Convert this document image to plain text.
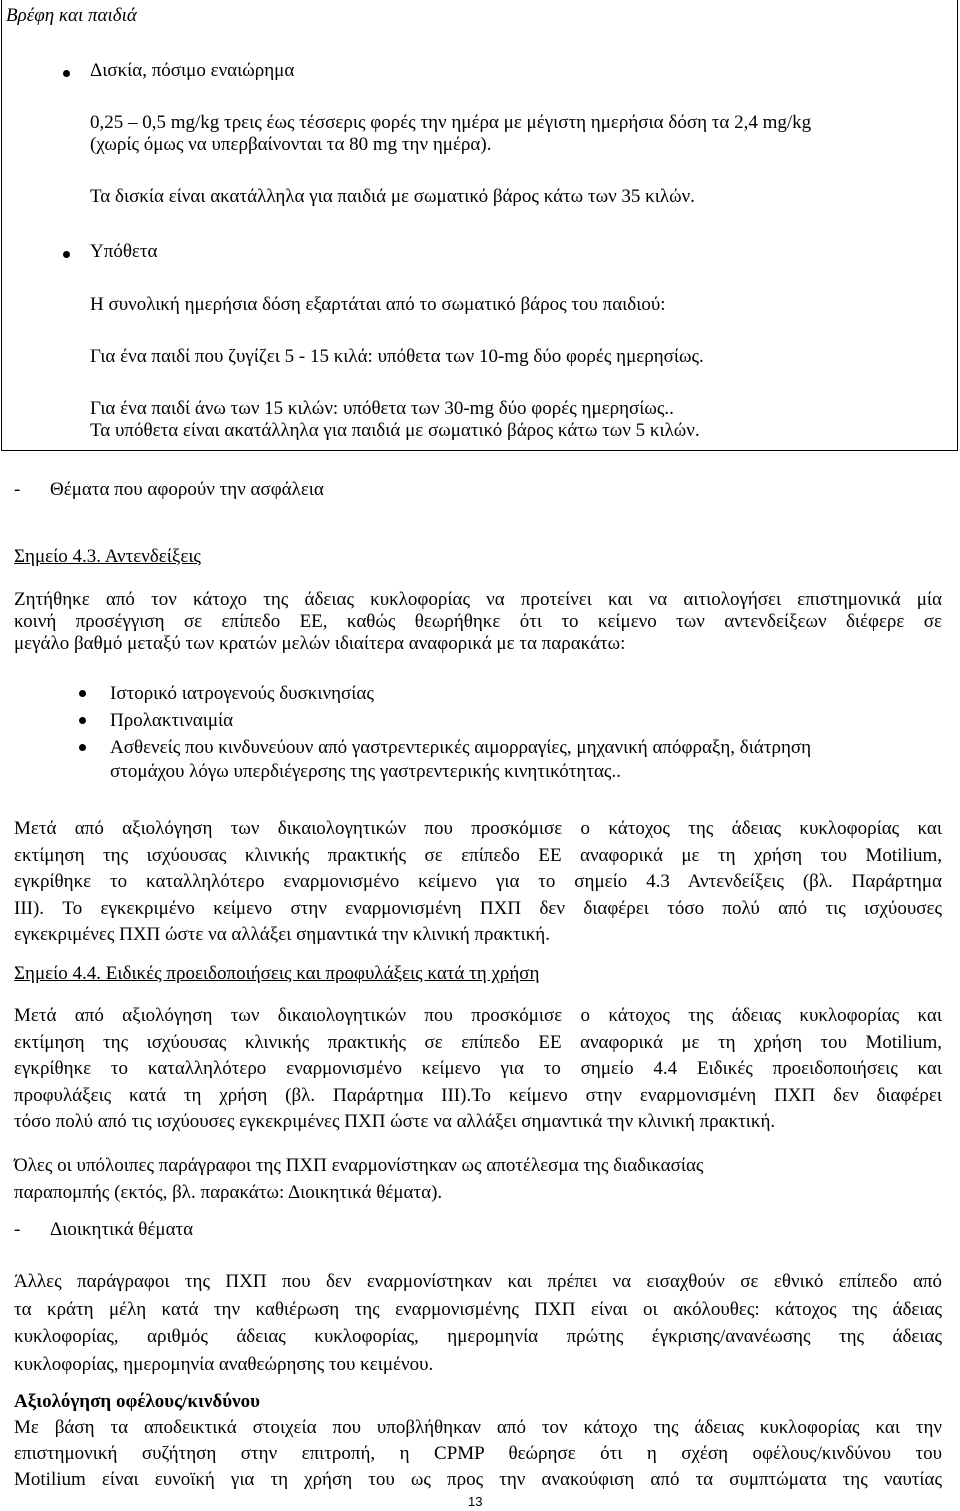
Βρέφη και παιδιά
Δισκία, πόσιμο εναιώρημα
0,25 – 0,5 mg/kg τρεις έως τέσσερις φορές την ημέρα με μέγιστη ημερήσια δόση τα 2,4 mg/kg
(χωρίς όμως να υπερβαίνονται τα 80 mg την ημέρα).
Τα δισκία είναι ακατάλληλα για παιδιά με σωματικό βάρος κάτω των 35 κιλών.
Υπόθετα
Η συνολική ημερήσια δόση εξαρτάται από το σωματικό βάρος του παιδιού:
Για ένα παιδί που ζυγίζει 5 - 15 κιλά: υπόθετα των 10-mg δύο φορές ημερησίως.
Για ένα παιδί άνω των 15 κιλών: υπόθετα των 30-mg δύο φορές ημερησίως..
Τα υπόθετα είναι ακατάλληλα για παιδιά με σωματικό βάρος κάτω των 5 κιλών.
- Θέματα που αφορούν την ασφάλεια
Σημείο 4.3. Αντενδείξεις
Ζητήθηκε από τον κάτοχο της άδειας κυκλοφορίας να προτείνει και να αιτιολογήσει επιστημονικά μία
κοινή προσέγγιση σε επίπεδο ΕΕ, καθώς θεωρήθηκε ότι το κείμενο των αντενδείξεων διέφερε σε
μεγάλο βαθμό μεταξύ των κρατών μελών ιδιαίτερα αναφορικά με τα παρακάτω:
Ιστορικό ιατρογενούς δυσκινησίας
Προλακτιναιμία
Ασθενείς που κινδυνεύουν από γαστρεντερικές αιμορραγίες, μηχανική απόφραξη, διάτρηση
στομάχου λόγω υπερδιέγερσης της γαστρεντερικής κινητικότητας..
Μετά από αξιολόγηση των δικαιολογητικών που προσκόμισε ο κάτοχος της άδειας κυκλοφορίας και
εκτίμηση της ισχύουσας κλινικής πρακτικής σε επίπεδο ΕΕ αναφορικά με τη χρήση του Motilium,
εγκρίθηκε το καταλληλότερο εναρμονισμένο κείμενο για το σημείο 4.3 Αντενδείξεις (βλ. Παράρτημα
III). Το εγκεκριμένο κείμενο στην εναρμονισμένη ΠΧΠ δεν διαφέρει τόσο πολύ από τις ισχύουσες
εγκεκριμένες ΠΧΠ ώστε να αλλάξει σημαντικά την κλινική πρακτική.
Σημείο 4.4. Ειδικές προειδοποιήσεις και προφυλάξεις κατά τη χρήση
Μετά από αξιολόγηση των δικαιολογητικών που προσκόμισε ο κάτοχος της άδειας κυκλοφορίας και
εκτίμηση της ισχύουσας κλινικής πρακτικής σε επίπεδο ΕΕ αναφορικά με τη χρήση του Motilium,
εγκρίθηκε το καταλληλότερο εναρμονισμένο κείμενο για το σημείο 4.4 Ειδικές προειδοποιήσεις και
προφυλάξεις κατά τη χρήση (βλ. Παράρτημα III).Το κείμενο στην εναρμονισμένη ΠΧΠ δεν διαφέρει
τόσο πολύ από τις ισχύουσες εγκεκριμένες ΠΧΠ ώστε να αλλάξει σημαντικά την κλινική πρακτική.
Όλες οι υπόλοιπες παράγραφοι της ΠΧΠ εναρμονίστηκαν ως αποτέλεσμα της διαδικασίας
παραπομπής (εκτός, βλ. παρακάτω: Διοικητικά θέματα).
- Διοικητικά θέματα
Άλλες παράγραφοι της ΠΧΠ που δεν εναρμονίστηκαν και πρέπει να εισαχθούν σε εθνικό επίπεδο από
τα κράτη μέλη κατά την καθιέρωση της εναρμονισμένης ΠΧΠ είναι οι ακόλουθες: κάτοχος της άδειας
κυκλοφορίας, αριθμός άδειας κυκλοφορίας, ημερομηνία πρώτης έγκρισης/ανανέωσης της άδειας
κυκλοφορίας, ημερομηνία αναθεώρησης του κειμένου.
Αξιολόγηση οφέλους/κινδύνου
Με βάση τα αποδεικτικά στοιχεία που υποβλήθηκαν από τον κάτοχο της άδειας κυκλοφορίας και την
επιστημονική συζήτηση στην επιτροπή, η CPMP θεώρησε ότι η σχέση οφέλους/κινδύνου του
Motilium είναι ευνοϊκή για τη χρήση του ως προς την ανακούφιση από τα συμπτώματα της ναυτίας
13
